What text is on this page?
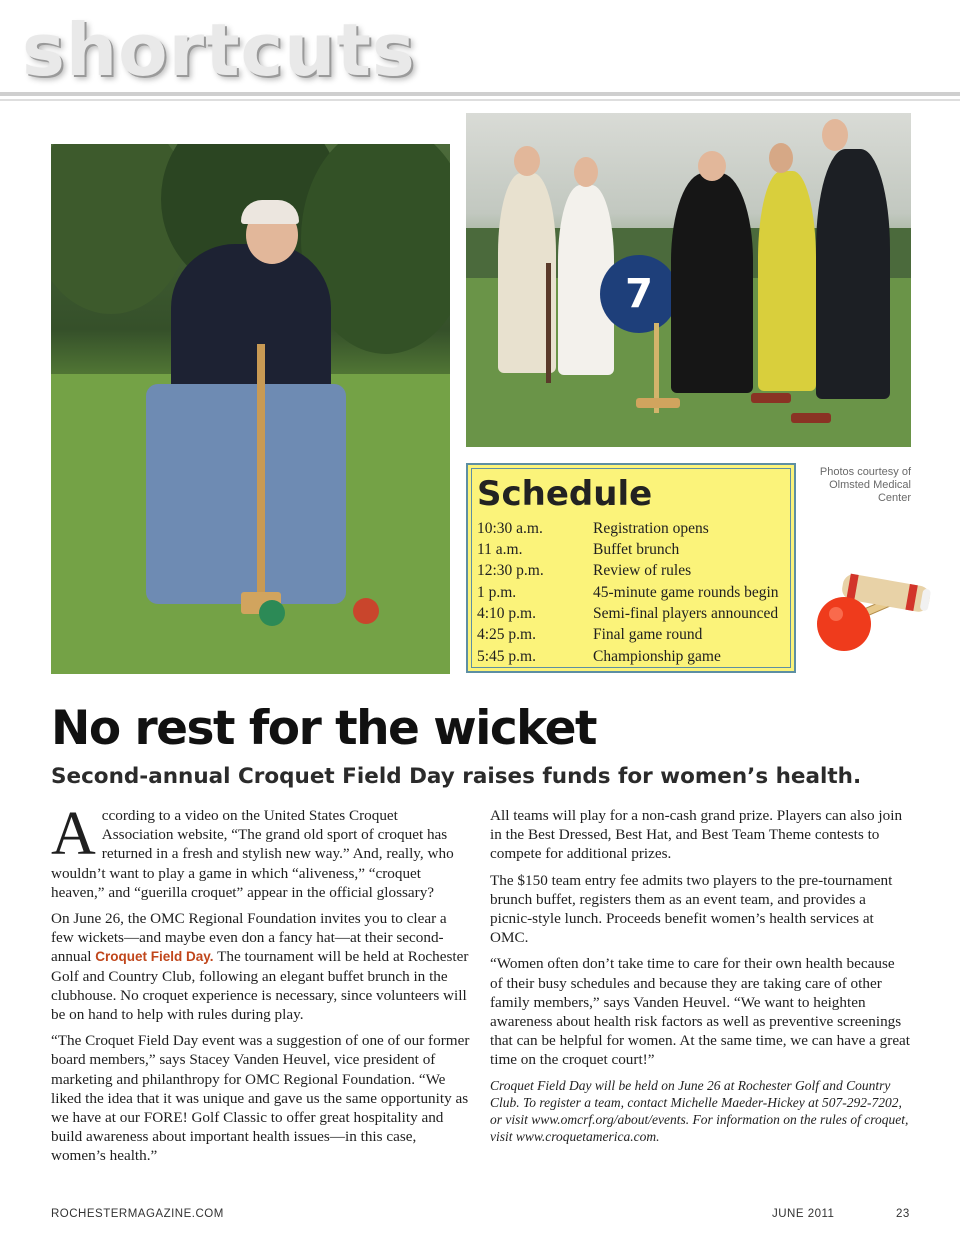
shortcuts
7

Photos courtesy of Olmsted Medical Center

Schedule
10:30 a.m.	Registration opens
11 a.m.	Buffet brunch
12:30 p.m.	Review of rules
1 p.m.	45-minute game rounds begin
4:10 p.m.	Semi-final players announced
4:25 p.m.	Final game round
5:45 p.m.	Championship game
No rest for the wicket
Second-annual Croquet Field Day raises funds for women’s health.

According to a video on the United States Croquet Association website, “The grand old sport of croquet has returned in a fresh and stylish new way.” And, really, who wouldn’t want to play a game in which “aliveness,” “croquet heaven,” and “guerilla croquet” appear in the official glossary?

On June 26, the OMC Regional Foundation invites you to clear a few wickets—and maybe even don a fancy hat—at their second-annual Croquet Field Day. The tournament will be held at Rochester Golf and Country Club, following an elegant buffet brunch in the clubhouse. No croquet experience is necessary, since volunteers will be on hand to help with rules during play.

“The Croquet Field Day event was a suggestion of one of our former board members,” says Stacey Vanden Heuvel, vice president of marketing and philanthropy for OMC Regional Foundation. “We liked the idea that it was unique and gave us the same opportunity as we have at our FORE! Golf Classic to offer great hospitality and build awareness about important health issues—in this case, women’s health.”

All teams will play for a non-cash grand prize. Players can also join in the Best Dressed, Best Hat, and Best Team Theme contests to compete for additional prizes.

The $150 team entry fee admits two players to the pre-tournament brunch buffet, registers them as an event team, and provides a picnic-style lunch. Proceeds benefit women’s health services at OMC.

“Women often don’t take time to care for their own health because of their busy schedules and because they are taking care of other family members,” says Vanden Heuvel. “We want to heighten awareness about health risk factors as well as preventive screenings that can be helpful for women. At the same time, we can have a great time on the croquet court!”

Croquet Field Day will be held on June 26 at Rochester Golf and Country Club. To register a team, contact Michelle Maeder-Hickey at 507-292-7202, or visit www.omcrf.org/about/events. For information on the rules of croquet, visit www.croquetamerica.com.

ROCHESTERMAGAZINE.COM	JUNE 2011	23
